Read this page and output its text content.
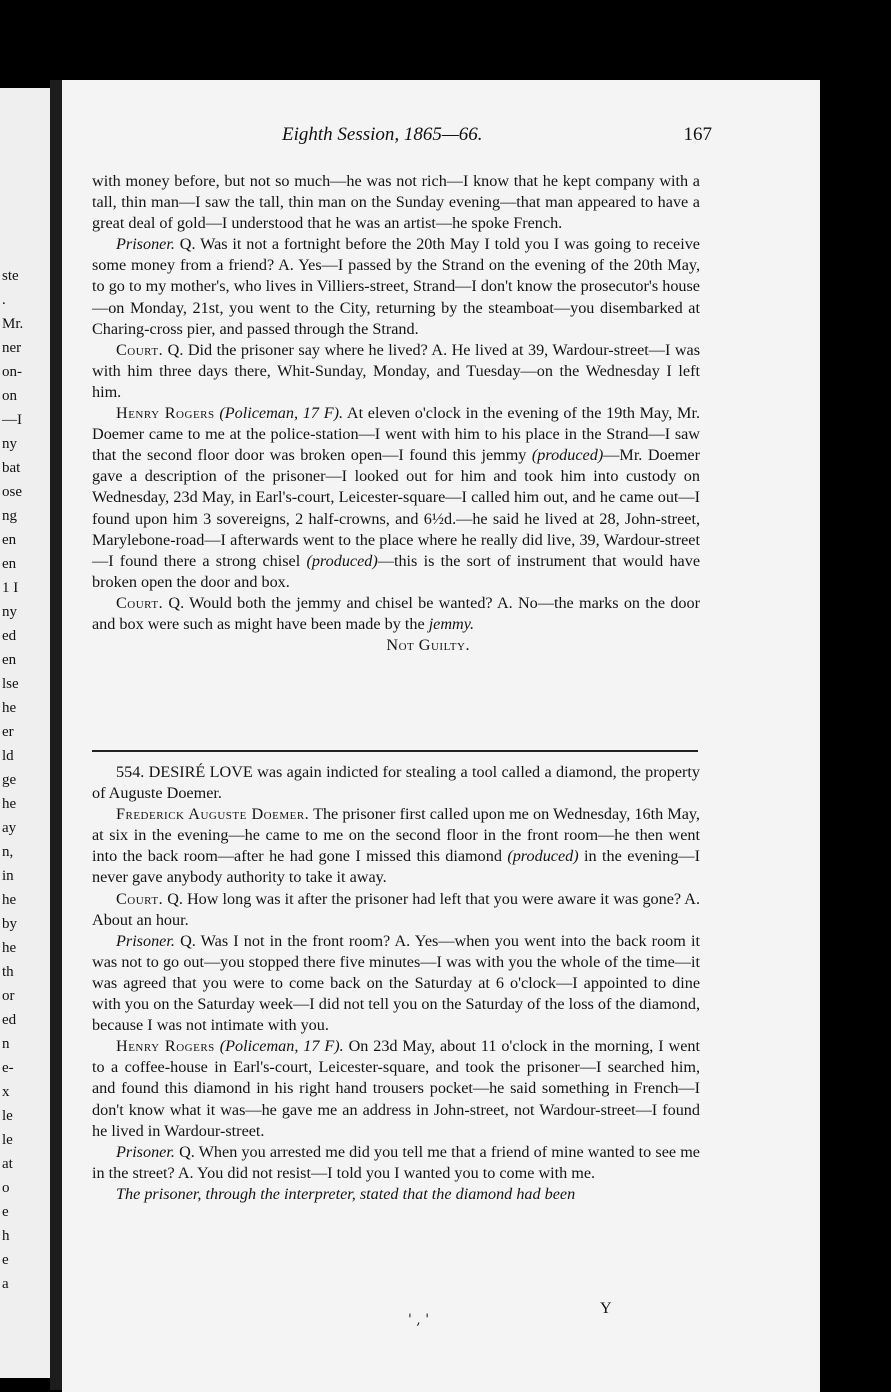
ste
.
Mr.
ner
on-
on
—I
ny
bat
ose
ng
en
en
1 I
ny
ed
en
lse
he
er
ld
ge
he
ay
n,
in
he
by
he
th
or
ed
n
e-
x
le
le
at
o
e
h
e
a
Eighth Session, 1865—66.	167

with money before, but not so much—he was not rich—I know that he kept company with a tall, thin man—I saw the tall, thin man on the Sunday evening—that man appeared to have a great deal of gold—I understood that he was an artist—he spoke French.

Prisoner. Q. Was it not a fortnight before the 20th May I told you I was going to receive some money from a friend? A. Yes—I passed by the Strand on the evening of the 20th May, to go to my mother's, who lives in Villiers-street, Strand—I don't know the prosecutor's house—on Monday, 21st, you went to the City, returning by the steamboat—you disembarked at Charing-cross pier, and passed through the Strand.

Court. Q. Did the prisoner say where he lived? A. He lived at 39, Wardour-street—I was with him three days there, Whit-Sunday, Monday, and Tuesday—on the Wednesday I left him.

Henry Rogers (Policeman, 17 F). At eleven o'clock in the evening of the 19th May, Mr. Doemer came to me at the police-station—I went with him to his place in the Strand—I saw that the second floor door was broken open—I found this jemmy (produced)—Mr. Doemer gave a description of the prisoner—I looked out for him and took him into custody on Wednesday, 23d May, in Earl's-court, Leicester-square—I called him out, and he came out—I found upon him 3 sovereigns, 2 half-crowns, and 6½d.—he said he lived at 28, John-street, Marylebone-road—I afterwards went to the place where he really did live, 39, Wardour-street—I found there a strong chisel (produced)—this is the sort of instrument that would have broken open the door and box.

Court. Q. Would both the jemmy and chisel be wanted? A. No—the marks on the door and box were such as might have been made by the jemmy.
Not Guilty.

554. DESIRÉ LOVE was again indicted for stealing a tool called a diamond, the property of Auguste Doemer.

Frederick Auguste Doemer. The prisoner first called upon me on Wednesday, 16th May, at six in the evening—he came to me on the second floor in the front room—he then went into the back room—after he had gone I missed this diamond (produced) in the evening—I never gave anybody authority to take it away.

Court. Q. How long was it after the prisoner had left that you were aware it was gone? A. About an hour.

Prisoner. Q. Was I not in the front room? A. Yes—when you went into the back room it was not to go out—you stopped there five minutes—I was with you the whole of the time—it was agreed that you were to come back on the Saturday at 6 o'clock—I appointed to dine with you on the Saturday week—I did not tell you on the Saturday of the loss of the diamond, because I was not intimate with you.

Henry Rogers (Policeman, 17 F). On 23d May, about 11 o'clock in the morning, I went to a coffee-house in Earl's-court, Leicester-square, and took the prisoner—I searched him, and found this diamond in his right hand trousers pocket—he said something in French—I don't know what it was—he gave me an address in John-street, not Wardour-street—I found he lived in Wardour-street.

Prisoner. Q. When you arrested me did you tell me that a friend of mine wanted to see me in the street? A. You did not resist—I told you I wanted you to come with me.

The prisoner, through the interpreter, stated that the diamond had been

' , '
Y
